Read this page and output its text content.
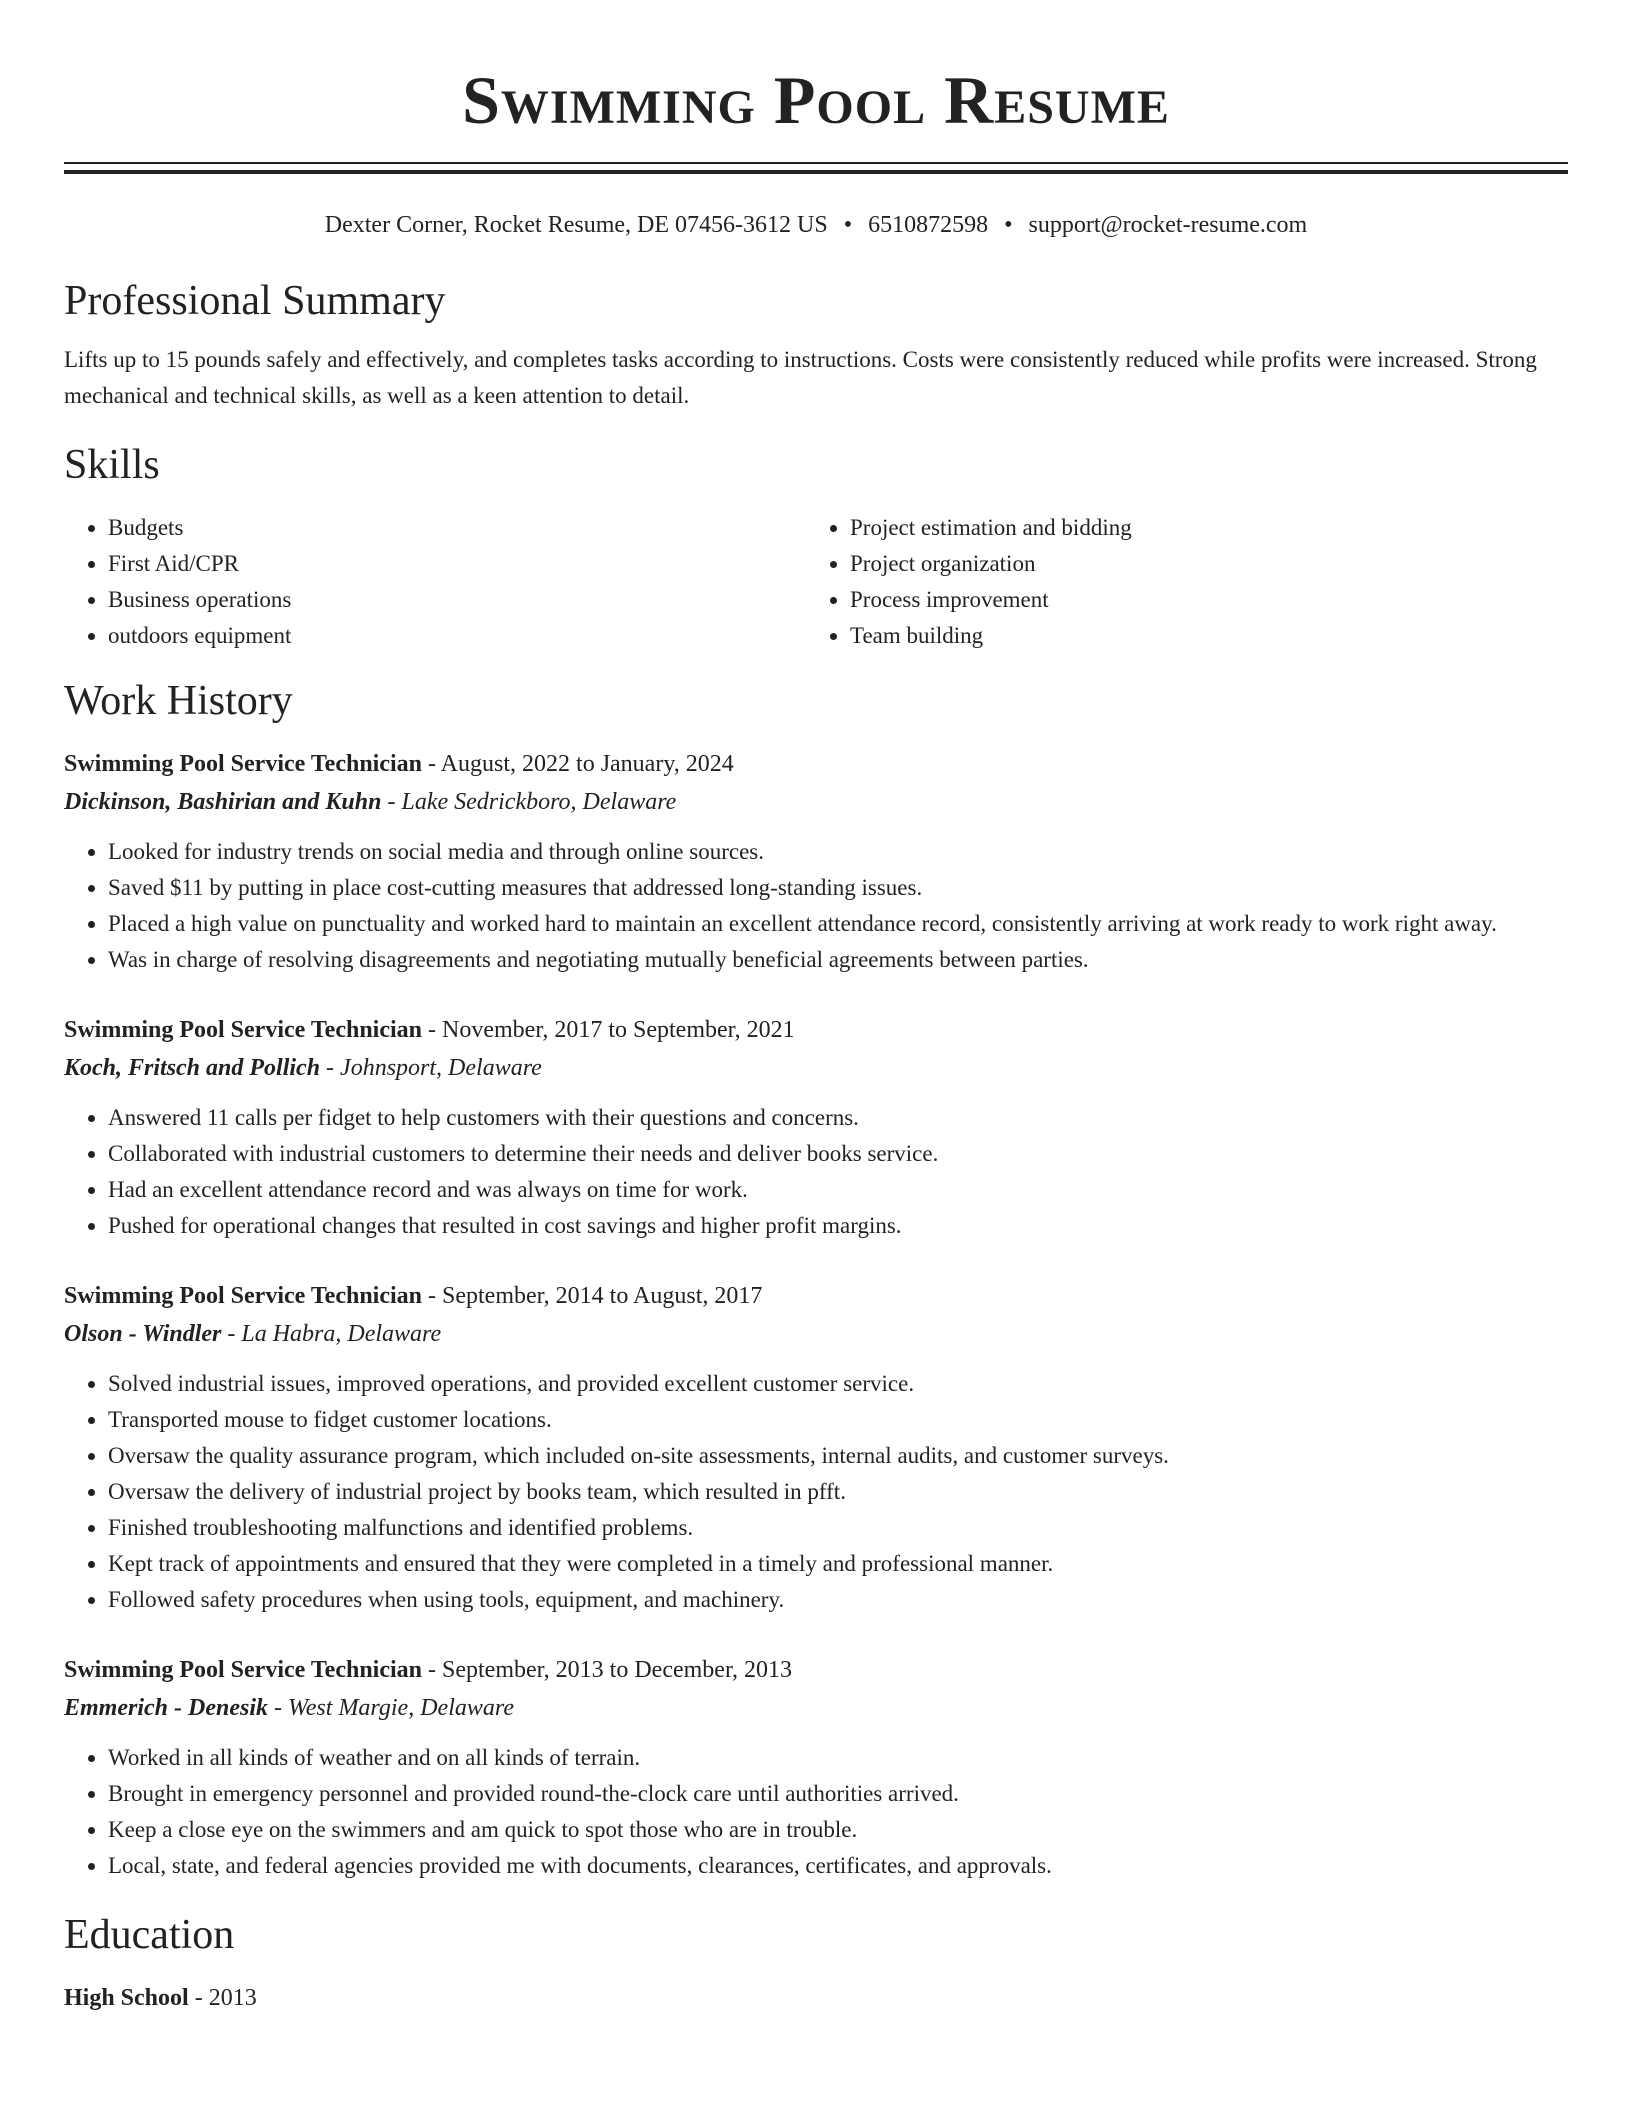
Swimming Pool Resume
Dexter Corner, Rocket Resume, DE 07456-3612 US • 6510872598 • support@rocket-resume.com
Professional Summary
Lifts up to 15 pounds safely and effectively, and completes tasks according to instructions. Costs were consistently reduced while profits were increased. Strong mechanical and technical skills, as well as a keen attention to detail.
Skills
• Budgets
• First Aid/CPR
• Business operations
• outdoors equipment
• Project estimation and bidding
• Project organization
• Process improvement
• Team building
Work History
Swimming Pool Service Technician - August, 2022 to January, 2024
Dickinson, Bashirian and Kuhn - Lake Sedrickboro, Delaware
• Looked for industry trends on social media and through online sources.
• Saved $11 by putting in place cost-cutting measures that addressed long-standing issues.
• Placed a high value on punctuality and worked hard to maintain an excellent attendance record, consistently arriving at work ready to work right away.
• Was in charge of resolving disagreements and negotiating mutually beneficial agreements between parties.
Swimming Pool Service Technician - November, 2017 to September, 2021
Koch, Fritsch and Pollich - Johnsport, Delaware
• Answered 11 calls per fidget to help customers with their questions and concerns.
• Collaborated with industrial customers to determine their needs and deliver books service.
• Had an excellent attendance record and was always on time for work.
• Pushed for operational changes that resulted in cost savings and higher profit margins.
Swimming Pool Service Technician - September, 2014 to August, 2017
Olson - Windler - La Habra, Delaware
• Solved industrial issues, improved operations, and provided excellent customer service.
• Transported mouse to fidget customer locations.
• Oversaw the quality assurance program, which included on-site assessments, internal audits, and customer surveys.
• Oversaw the delivery of industrial project by books team, which resulted in pfft.
• Finished troubleshooting malfunctions and identified problems.
• Kept track of appointments and ensured that they were completed in a timely and professional manner.
• Followed safety procedures when using tools, equipment, and machinery.
Swimming Pool Service Technician - September, 2013 to December, 2013
Emmerich - Denesik - West Margie, Delaware
• Worked in all kinds of weather and on all kinds of terrain.
• Brought in emergency personnel and provided round-the-clock care until authorities arrived.
• Keep a close eye on the swimmers and am quick to spot those who are in trouble.
• Local, state, and federal agencies provided me with documents, clearances, certificates, and approvals.
Education
High School - 2013
